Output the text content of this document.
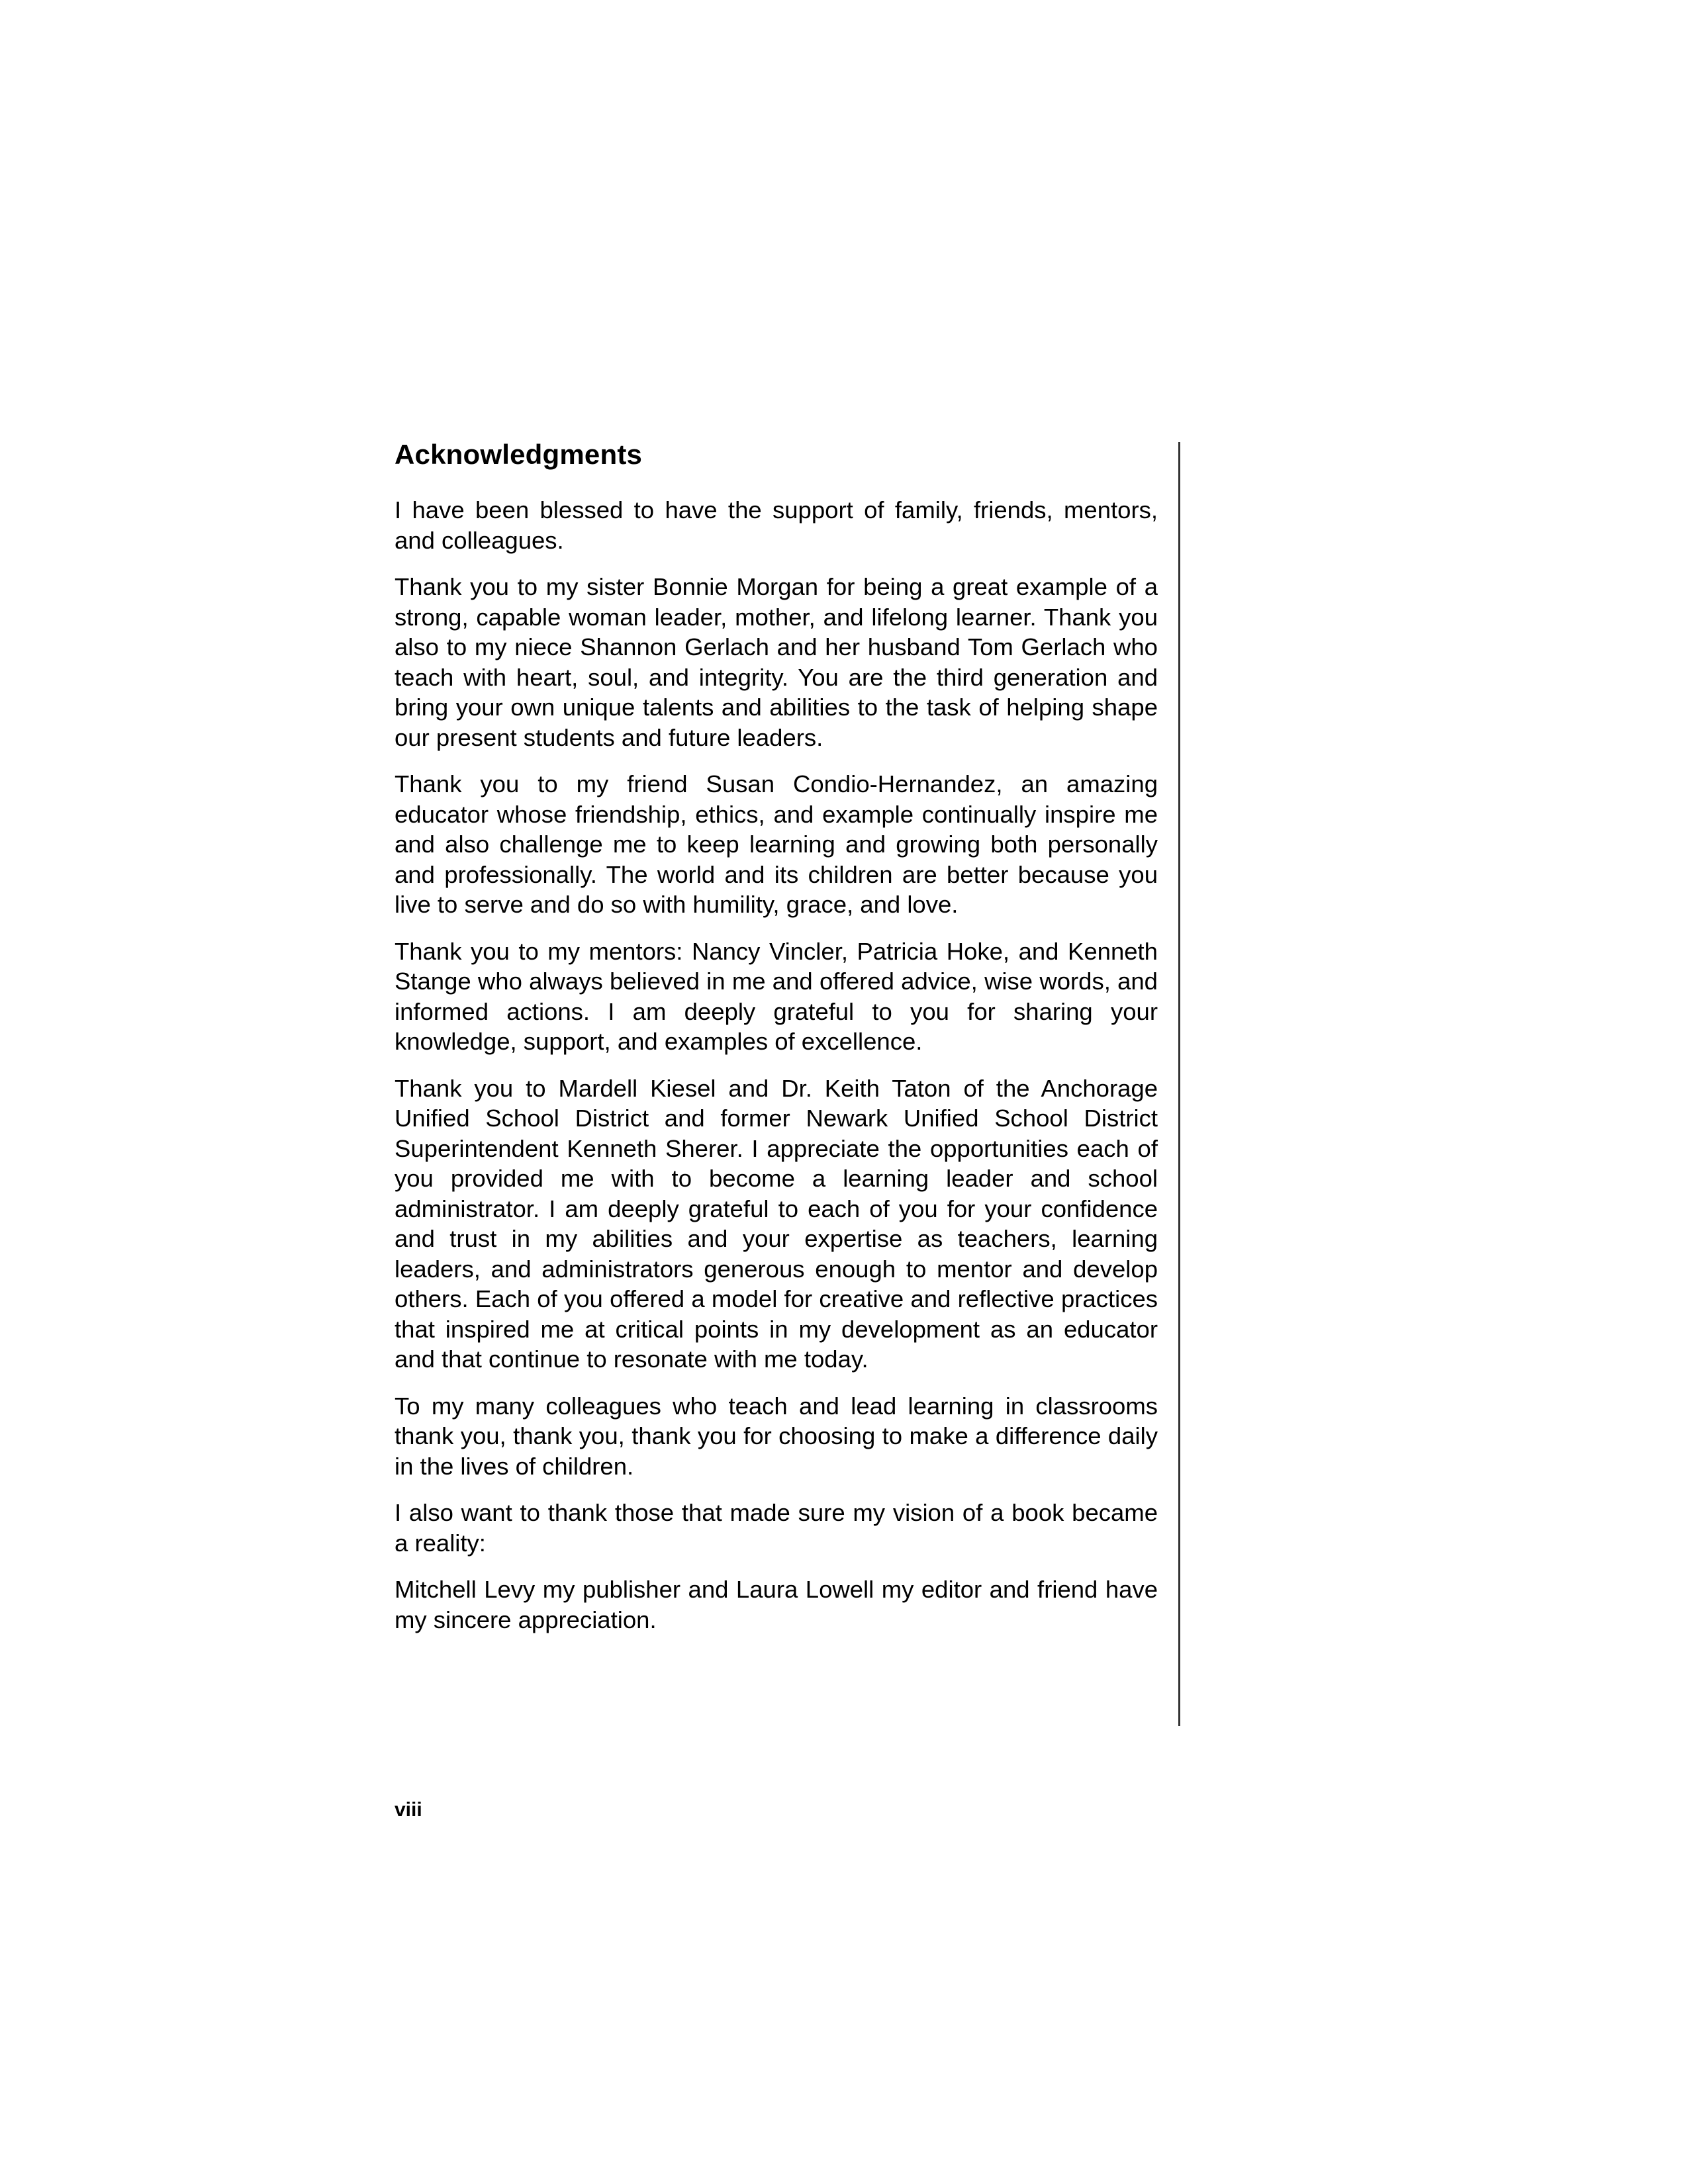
Acknowledgments

I have been blessed to have the support of family, friends, mentors, and colleagues.

Thank you to my sister Bonnie Morgan for being a great example of a strong, capable woman leader, mother, and lifelong learner. Thank you also to my niece Shannon Gerlach and her husband Tom Gerlach who teach with heart, soul, and integrity. You are the third generation and bring your own unique talents and abilities to the task of helping shape our present students and future leaders.

Thank you to my friend Susan Condio-Hernandez, an amazing educator whose friendship, ethics, and example continually inspire me and also challenge me to keep learning and growing both personally and professionally. The world and its children are better because you live to serve and do so with humility, grace, and love.

Thank you to my mentors: Nancy Vincler, Patricia Hoke, and Kenneth Stange who always believed in me and offered advice, wise words, and informed actions. I am deeply grateful to you for sharing your knowledge, support, and examples of excellence.

Thank you to Mardell Kiesel and Dr. Keith Taton of the Anchorage Unified School District and former Newark Unified School District Superintendent Kenneth Sherer. I appreciate the opportunities each of you provided me with to become a learning leader and school administrator. I am deeply grateful to each of you for your confidence and trust in my abilities and your expertise as teachers, learning leaders, and administrators generous enough to mentor and develop others. Each of you offered a model for creative and reflective practices that inspired me at critical points in my development as an educator and that continue to resonate with me today.

To my many colleagues who teach and lead learning in classrooms thank you, thank you, thank you for choosing to make a difference daily in the lives of children.

I also want to thank those that made sure my vision of a book became a reality:

Mitchell Levy my publisher and Laura Lowell my editor and friend have my sincere appreciation.

viii
